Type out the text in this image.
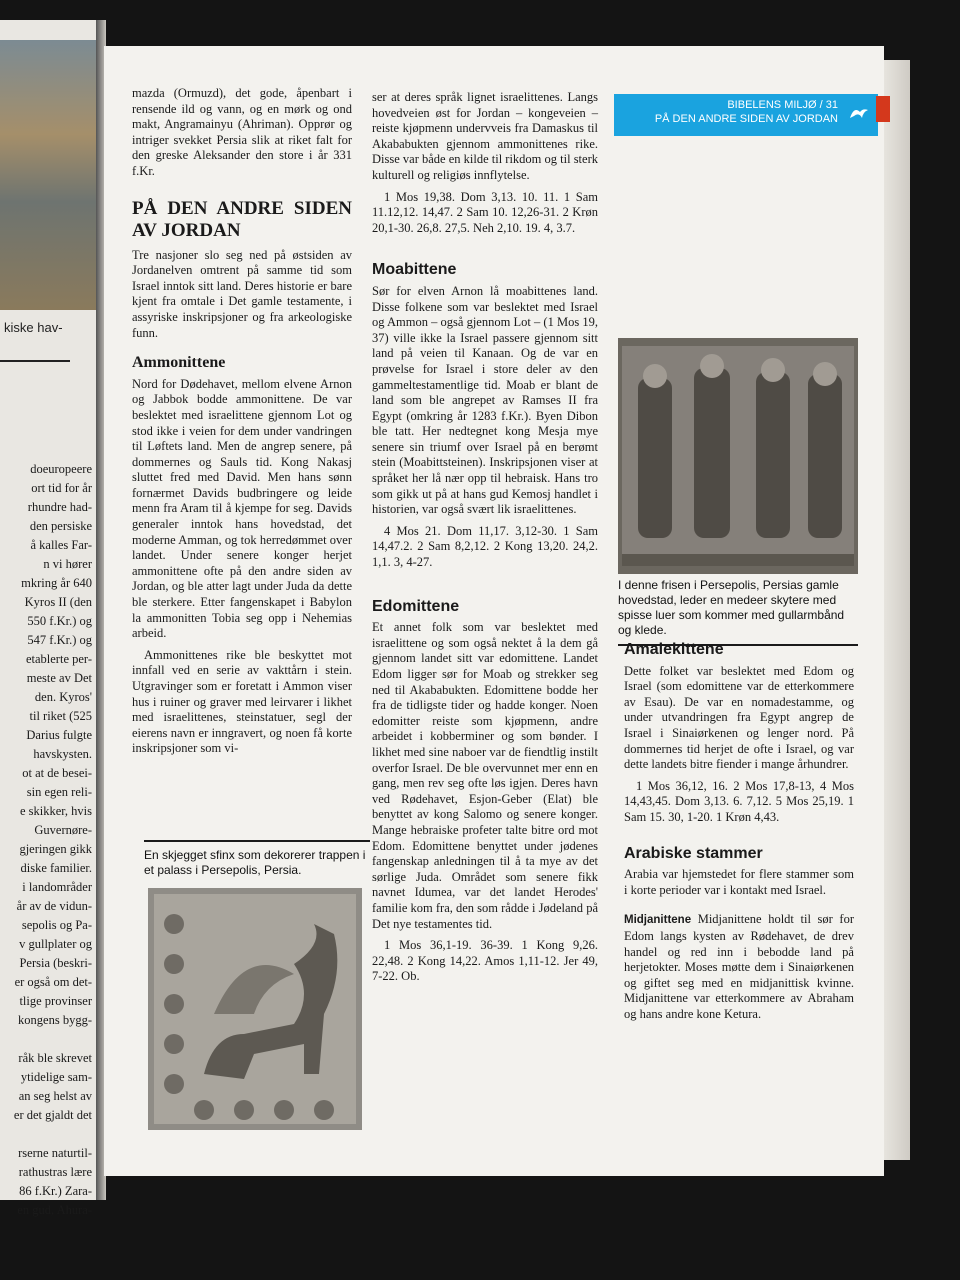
kiske hav-
doeuropeere
ort tid for år
rhundre had-
den persiske
å kalles Far-
n vi hører
mkring år 640
Kyros II (den
550 f.Kr.) og
547 f.Kr.) og
etablerte per-
meste av Det
den. Kyros'
til riket (525
Darius fulgte
havskysten.
ot at de besei-
sin egen reli-
e skikker, hvis
Guvernøre-
gjeringen gikk
diske familier.
i landområder
år av de vidun-
sepolis og Pa-
v gullplater og
Persia (beskri-
er også om det-
tlige provinser
kongens bygg-

råk ble skrevet
ytidelige sam-
an seg helst av
er det gjaldt det

rserne naturtil-
rathustras lære
86 f.Kr.) Zara-
en gud, Ahura-
BIBELENS MILJØ / 31
PÅ DEN ANDRE SIDEN AV JORDAN

mazda (Ormuzd), det gode, åpenbart i rensende ild og vann, og en mørk og ond makt, Angramainyu (Ahriman). Opprør og intriger svekket Persia slik at riket falt for den greske Aleksander den store i år 331 f.Kr.

PÅ DEN ANDRE SIDEN AV JORDAN

Tre nasjoner slo seg ned på østsiden av Jordanelven omtrent på samme tid som Israel inntok sitt land. Deres historie er bare kjent fra omtale i Det gamle testamente, i assyriske inskripsjoner og fra arkeologiske funn.

Ammonittene

Nord for Dødehavet, mellom elvene Arnon og Jabbok bodde ammonittene. De var beslektet med israelittene gjennom Lot og stod ikke i veien for dem under vandringen til Løftets land. Men de angrep senere, på dommernes og Sauls tid. Kong Nakasj sluttet fred med David. Men hans sønn fornærmet Davids budbringere og leide menn fra Aram til å kjempe for seg. Davids generaler inntok hans hovedstad, det moderne Amman, og tok herredømmet over landet. Under senere konger herjet ammonittene ofte på den andre siden av Jordan, og ble atter lagt under Juda da dette ble sterkere. Etter fangenskapet i Babylon la ammonitten Tobia seg opp i Nehemias arbeid.

Ammonittenes rike ble beskyttet mot innfall ved en serie av vakttårn i stein. Utgravinger som er foretatt i Ammon viser hus i ruiner og graver med leirvarer i likhet med israelittenes, steinstatuer, segl der eierens navn er inngravert, og noen få korte inskripsjoner som vi-

En skjegget sfinx som dekorerer trappen i et palass i Persepolis, Persia.

ser at deres språk lignet israelittenes. Langs hovedveien øst for Jordan – kongeveien – reiste kjøpmenn undervveis fra Damaskus til Akababukten gjennom ammonittenes rike. Disse var både en kilde til rikdom og til sterk kulturell og religiøs innflytelse.

1 Mos 19,38. Dom 3,13. 10. 11. 1 Sam 11.12,12. 14,47. 2 Sam 10. 12,26-31. 2 Krøn 20,1-30. 26,8. 27,5. Neh 2,10. 19. 4, 3.7.

Moabittene

Sør for elven Arnon lå moabittenes land. Disse folkene som var beslektet med Israel og Ammon – også gjennom Lot – (1 Mos 19, 37) ville ikke la Israel passere gjennom sitt land på veien til Kanaan. Og de var en prøvelse for Israel i store deler av den gammeltestamentlige tid. Moab er blant de land som ble angrepet av Ramses II fra Egypt (omkring år 1283 f.Kr.). Byen Dibon ble tatt. Her nedtegnet kong Mesja mye senere sin triumf over Israel på en berømt stein (Moabittsteinen). Inskripsjonen viser at språket her lå nær opp til hebraisk. Hans tro som gikk ut på at hans gud Kemosj handlet i historien, var også svært lik israelittenes.

4 Mos 21. Dom 11,17. 3,12-30. 1 Sam 14,47.2. 2 Sam 8,2,12. 2 Kong 13,20. 24,2. 1,1. 3, 4-27.

Edomittene

Et annet folk som var beslektet med israelittene og som også nektet å la dem gå gjennom landet sitt var edomittene. Landet Edom ligger sør for Moab og strekker seg ned til Akababukten. Edomittene bodde her fra de tidligste tider og hadde konger. Noen edomitter reiste som kjøpmenn, andre arbeidet i kobberminer og som bønder. I likhet med sine naboer var de fiendtlig instilt overfor Israel. De ble overvunnet mer enn en gang, men rev seg ofte løs igjen. Deres havn ved Rødehavet, Esjon-Geber (Elat) ble benyttet av kong Salomo og senere konger. Mange hebraiske profeter talte bitre ord mot Edom. Edomittene benyttet under jødenes fangenskap anledningen til å ta mye av det sørlige Juda. Området som senere fikk navnet Idumea, var det landet Herodes' familie kom fra, den som rådde i Jødeland på Det nye testamentes tid.

1 Mos 36,1-19. 36-39. 1 Kong 9,26. 22,48. 2 Kong 14,22. Amos 1,11-12. Jer 49, 7-22. Ob.

I denne frisen i Persepolis, Persias gamle hovedstad, leder en medeer skytere med spisse luer som kommer med gullarmbånd og klede.
Amalekittene

Dette folket var beslektet med Edom og Israel (som edomittene var de etterkommere av Esau). De var en nomadestamme, og under utvandringen fra Egypt angrep de Israel i Sinaiørkenen og lenger nord. På dommernes tid herjet de ofte i Israel, og var dette landets bitre fiender i mange århundrer.

1 Mos 36,12, 16. 2 Mos 17,8-13, 4 Mos 14,43,45. Dom 3,13. 6. 7,12. 5 Mos 25,19. 1 Sam 15. 30, 1-20. 1 Krøn 4,43.

Arabiske stammer

Arabia var hjemstedet for flere stammer som i korte perioder var i kontakt med Israel.

Midjanittene Midjanittene holdt til sør for Edom langs kysten av Rødehavet, de drev handel og red inn i bebodde land på herjetokter. Moses møtte dem i Sinaiørkenen og giftet seg med en midjanittisk kvinne. Midjanittene var etterkommere av Abraham og hans andre kone Ketura.
